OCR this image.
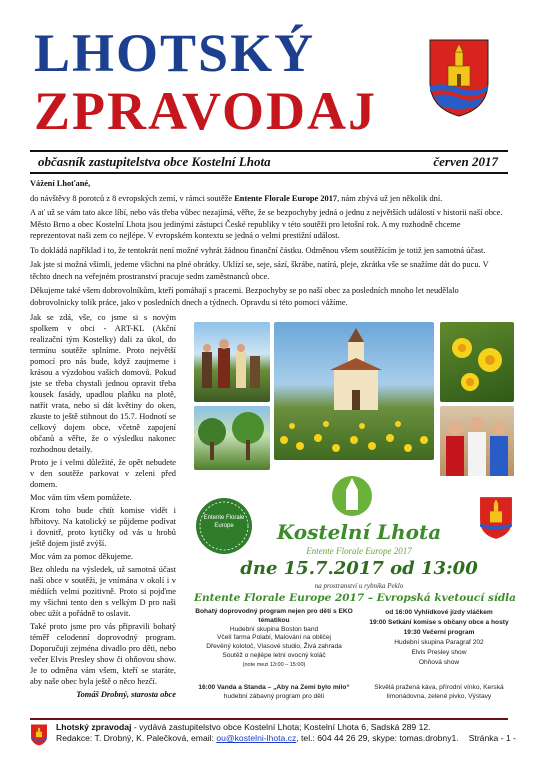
LHOTSKÝ
ZPRAVODAJ
občasník zastupitelstva obce Kostelní Lhota	červen 2017

Vážení Lhoťané,

do návštěvy 8 porotců z 8 evropských zemí, v rámci soutěže Entente Florale Europe 2017, nám zbývá už jen několik dní.

A ať už se vám tato akce líbí, nebo vás třeba vůbec nezajímá, věřte, že se bezpochyby jedná o jednu z největších událostí v historii naší obce. Město Brno a obec Kostelní Lhota jsou jedinými zástupci České republiky v této soutěži pro letošní rok. A my rozhodně chceme reprezentovat naši zem co nejlépe. V evropském kontextu se jedná o velmi prestižní událost.

To dokládá například i to, že tentokrát není možné vyhrát žádnou finanční částku. Odměnou všem soutěžícím je totiž jen samotná účast.

Jak jste si možná všimli, jedeme všichni na plné obrátky. Uklízí se, seje, sází, škrábe, natírá, pleje, zkrátka vše se snažíme dát do pucu. V těchto dnech na veřejném prostranství pracuje sedm zaměstnanců obce.

Děkujeme také všem dobrovolníkům, kteří pomáhají s pracemi. Bezpochyby se po naší obec za posledních mnoho let neudělalo dobrovolnicky tolik práce, jako v posledních dnech a týdnech. Opravdu si této pomoci vážíme.

Jak se zdá, vše, co jsme si s novým spolkem v obci - ART-KL (Akční realizační tým Kostelky) dali za úkol, do termínu soutěže splníme. Proto největší pomocí pro nás bude, když zaujmeme i krásou a výzdobou vašich domovů. Pokud jste se třeba chystali jednou opravit třeba kousek fasády, upadlou plaňku na plotě, natřít vrata, nebo si dát květiny do oken, zkuste to ještě stihnout do 15.7. Hodnotí se celkový dojem obce, včetně zapojení občanů a věřte, že o výsledku nakonec rozhodnou detaily.

Proto je i velmi důležité, že opět nebudete v den soutěže parkovat v zeleni před domem.

Moc vám tím všem pomůžete.

Krom toho bude chtít komise vidět i hřbitovy. Na katolický se půjdeme podívat i dovnitř, proto kytičky od vás u hrobů ještě dojem jistě zvýší.

Moc vám za pomoc děkujeme.

Bez ohledu na výsledek, už samotná účast naší obce v soutěži, je vnímána v okolí i v médiích velmi pozitivně. Proto si pojďme my všichni tento den s velkým D pro naši obec užít a pořádně to oslavit.

Také proto jsme pro vás připravili bohatý téměř celodenní doprovodný program. Doporučuji zejména divadlo pro děti, nebo večer Elvis Presley show či ohňovou show. Je to odměna vám všem, kteří se staráte, aby naše obec byla ještě o něco hezčí.

Tomáš Drobný, starosta obce

Entente Florale Europe	Kostelní Lhota
Entente Florale Europe 2017
dne 15.7.2017 od 13:00
na prostranství u rybníka Peklo
Entente Florale Europe 2017 – Evropská kvetoucí sídla
Bohatý doprovodný program nejen pro děti s EKO tématikou
Hudební skupina Boston band
Včelí farma Polabí, Malování na obličej
Dřevěný kolotoč, Vlasové studio, Živá zahrada
Soutěž o nejlépe letní ovocný koláč
(note mezi 13:00 – 15:00)
16:00 Vanda a Standa – „Aby na Zemi bylo milo“
hudební zábavný program pro děti
od 16:00 Vyhlídkové jízdy vláčkem
19:00 Setkání komise s občany obce a hosty
19:30 Večerní program
Hudební skupina Paragraf 202
Elvis Presley show
Ohňová show
Skvělá pražená káva, přírodní vínko, Kerská limonádovna, zelené pivko, Výstavy
Lhotský zpravodaj - vydává zastupitelstvo obce Kostelní Lhota; Kostelní Lhota 6, Sadská 289 12.
Redakce: T. Drobný, K. Palečková, email: ou@kostelni-lhota.cz, tel.: 604 44 26 29, skype: tomas.drobny1. Stránka - 1 -
